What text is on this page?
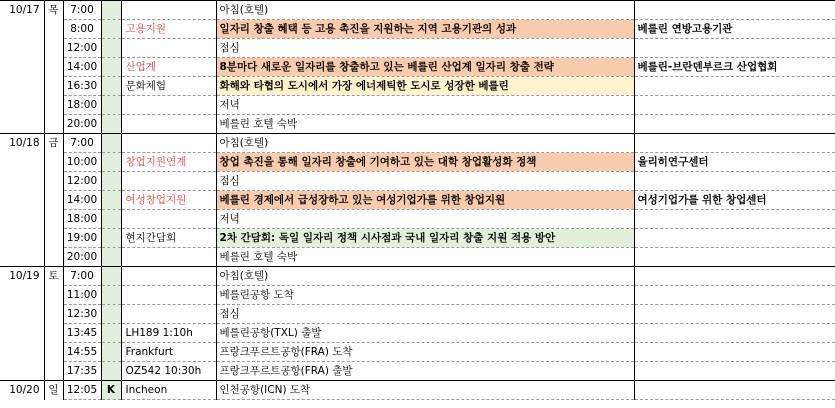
10/17	목	7:00			아침(호텔)	
		8:00		고용지원	일자리 창출 혜택 등 고용 촉진을 지원하는 지역 고용기관의 성과	베를린 연방고용기관
		12:00			점심	
		14:00		산업계	8분마다 새로운 일자리를 창출하고 있는 베를린 산업계 일자리 창출 전략	베를린-브란덴부르크 산업협회
		16:30		문화체험	화해와 타협의 도시에서 가장 에너제틱한 도시로 성장한 베를린	
		18:00			저녁	
		20:00			베를린 호텔 숙박	
10/18	금	7:00			아침(호텔)	
		10:00		창업지원연계	창업 촉진을 통해 일자리 창출에 기여하고 있는 대학 창업활성화 정책	율리히연구센터
		12:00			점심	
		14:00		여성창업지원	베를린 경제에서 급성장하고 있는 여성기업가를 위한 창업지원	여성기업가를 위한 창업센터
		18:00			저녁	
		19:00		현지간담회	2차 간담회: 독일 일자리 정책 시사점과 국내 일자리 창출 지원 적용 방안	
		20:00			베를린 호텔 숙박	
10/19	토	7:00			아침(호텔)	
		11:00			베를린공항 도착	
		12:30			점심	
		13:45		LH189 1:10h	베를린공항(TXL) 출발	
		14:55		Frankfurt	프랑크푸르트공항(FRA) 도착	
		17:35		OZ542 10:30h	프랑크푸르트공항(FRA) 출발	
10/20	일	12:05	K	Incheon	인천공항(ICN) 도착	
